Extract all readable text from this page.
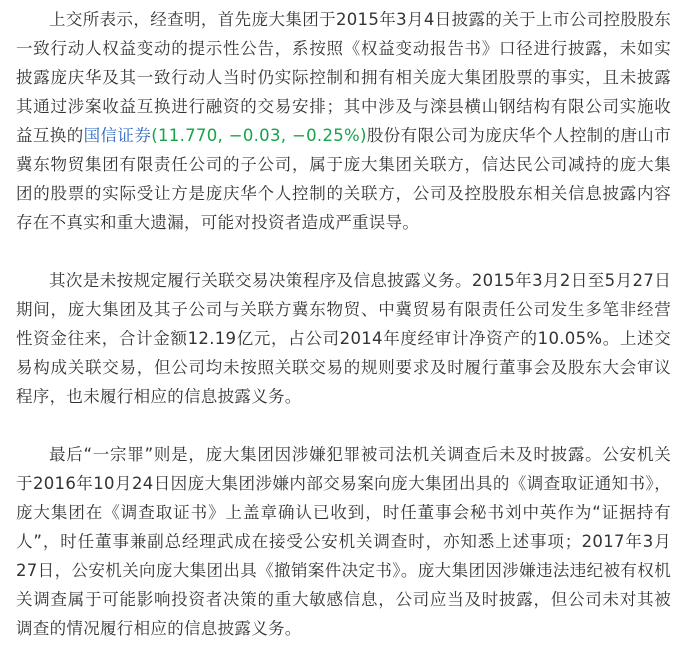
上交所表示，经查明，首先庞大集团于2015年3月4日披露的关于上市公司控股股东一致行动人权益变动的提示性公告，系按照《权益变动报告书》口径进行披露，未如实披露庞庆华及其一致行动人当时仍实际控制和拥有相关庞大集团股票的事实，且未披露其通过涉案收益互换进行融资的交易安排；其中涉及与滦县横山钢结构有限公司实施收益互换的国信证券(11.770, −0.03, −0.25%)股份有限公司为庞庆华个人控制的唐山市冀东物贸集团有限责任公司的子公司，属于庞大集团关联方，信达民公司减持的庞大集团的股票的实际受让方是庞庆华个人控制的关联方，公司及控股股东相关信息披露内容存在不真实和重大遗漏，可能对投资者造成严重误导。

其次是未按规定履行关联交易决策程序及信息披露义务。2015年3月2日至5月27日期间，庞大集团及其子公司与关联方冀东物贸、中冀贸易有限责任公司发生多笔非经营性资金往来，合计金额12.19亿元，占公司2014年度经审计净资产的10.05%。上述交易构成关联交易，但公司均未按照关联交易的规则要求及时履行董事会及股东大会审议程序，也未履行相应的信息披露义务。

最后“一宗罪”则是，庞大集团因涉嫌犯罪被司法机关调查后未及时披露。公安机关于2016年10月24日因庞大集团涉嫌内部交易案向庞大集团出具的《调查取证通知书》，庞大集团在《调查取证书》上盖章确认已收到，时任董事会秘书刘中英作为“证据持有人”，时任董事兼副总经理武成在接受公安机关调查时，亦知悉上述事项；2017年3月27日，公安机关向庞大集团出具《撤销案件决定书》。庞大集团因涉嫌违法违纪被有权机关调查属于可能影响投资者决策的重大敏感信息，公司应当及时披露，但公司未对其被调查的情况履行相应的信息披露义务。
